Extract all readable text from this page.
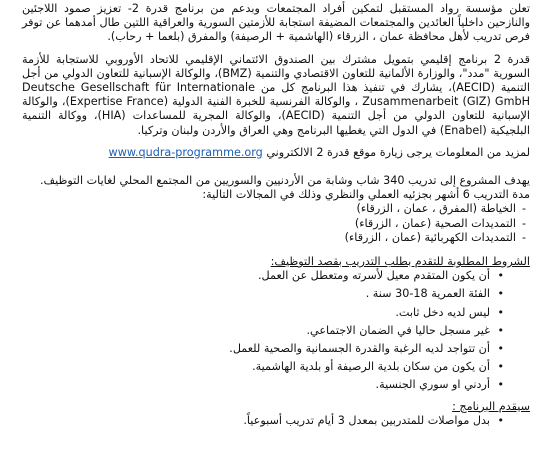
تعلن مؤسسة رواد المستقبل لتمكين أفراد المجتمعات وبدعم من برنامج قدرة 2- تعزيز صمود اللاجئين والنازحين داخلياً العائدين والمجتمعات المضيفة استجابة للأزمتين السورية والعراقية اللتين طال أمدهما عن توفر فرص تدريب لأهل محافظة عمان ، الزرقاء (الهاشمية + الرصيفة) والمفرق (بلعما + رحاب).

قدرة 2 برنامج إقليمي بتمويل مشترك بين الصندوق الائتماني الإقليمي للاتحاد الأوروبي للاستجابة للأزمة السورية "مدد"، والوزارة الألمانية للتعاون الاقتصادي والتنمية (BMZ)، والوكالة الإسبانية للتعاون الدولي من أجل التنمية (AECID)، يشارك في تنفيذ هذا البرنامج كل من Deutsche Gesellschaft für Internationale Zusammenarbeit (GIZ) GmbH ، والوكالة الفرنسية للخبرة الفنية الدولية (Expertise France)، والوكالة الإسبانية للتعاون الدولي من أجل التنمية (AECID)، والوكالة المجرية للمساعدات (HIA)، ووكالة التنمية البلجيكية (Enabel) في الدول التي يغطيها البرنامج وهي العراق والأردن ولبنان وتركيا.

لمزيد من المعلومات يرجى زيارة موقع قدرة 2 الالكتروني www.qudra-programme.org

يهدف المشروع إلى تدريب 340 شاب وشابة من الأردنيين والسوريين من المجتمع المحلي لغايات التوظيف.

مدة التدريب 6 أشهر بجزئيه العملي والنظري وذلك في المجالات التالية:

- الخياطة (المفرق ، عمان ، الزرقاء)
- التمديدات الصحية (عمان ، الزرقاء)
- التمديدات الكهربائية (عمان ، الزرقاء)

الشروط المطلوبة للتقدم بطلب التدريب بقصد التوظيف:

• أن يكون المتقدم معيل لأسرته ومتعطل عن العمل.
• الفئة العمرية 18-30 سنة .
• ليس لديه دخل ثابت.
• غير مسجل حاليا في الضمان الاجتماعي.
• أن تتواجد لديه الرغبة والقدرة الجسمانية والصحية للعمل.
• أن يكون من سكان بلدية الرصيفة أو بلدية الهاشمية.
• أردني او سوري الجنسية.

سيقدم البرنامج :

• بدل مواصلات للمتدربين بمعدل 3 أيام تدريب أسبوعياً.
